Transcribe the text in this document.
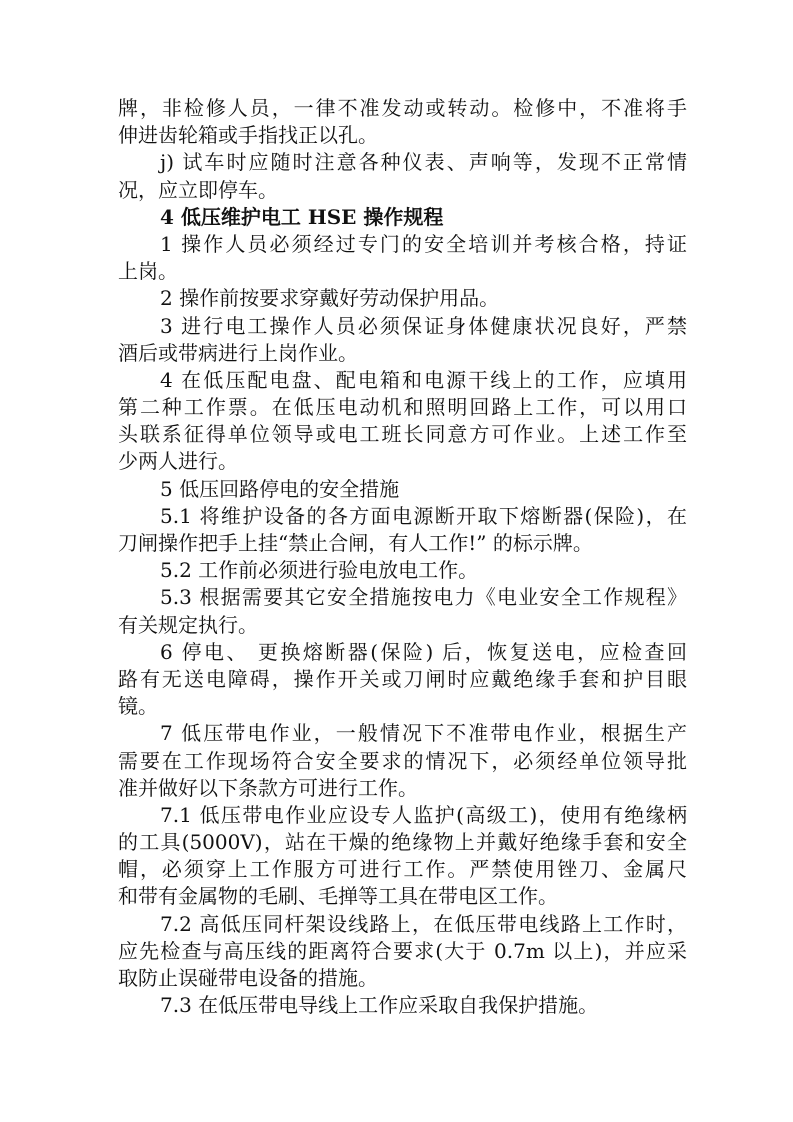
牌，非检修人员，一律不准发动或转动。检修中，不准将手
伸进齿轮箱或手指找正以孔。
j) 试车时应随时注意各种仪表、声响等，发现不正常情
况，应立即停车。
4 低压维护电工 HSE 操作规程
1 操作人员必须经过专门的安全培训并考核合格，持证
上岗。
2 操作前按要求穿戴好劳动保护用品。
3 进行电工操作人员必须保证身体健康状况良好，严禁
酒后或带病进行上岗作业。
4 在低压配电盘、配电箱和电源干线上的工作，应填用
第二种工作票。在低压电动机和照明回路上工作，可以用口
头联系征得单位领导或电工班长同意方可作业。上述工作至
少两人进行。
5 低压回路停电的安全措施
5.1 将维护设备的各方面电源断开取下熔断器(保险)，在
刀闸操作把手上挂“禁止合闸，有人工作!” 的标示牌。
5.2 工作前必须进行验电放电工作。
5.3 根据需要其它安全措施按电力《电业安全工作规程》
有关规定执行。
6 停电、 更换熔断器(保险) 后，恢复送电，应检查回
路有无送电障碍，操作开关或刀闸时应戴绝缘手套和护目眼
镜。
7 低压带电作业，一般情况下不准带电作业，根据生产
需要在工作现场符合安全要求的情况下，必须经单位领导批
准并做好以下条款方可进行工作。
7.1 低压带电作业应设专人监护(高级工)，使用有绝缘柄
的工具(5000V)，站在干燥的绝缘物上并戴好绝缘手套和安全
帽，必须穿上工作服方可进行工作。严禁使用锉刀、金属尺
和带有金属物的毛刷、毛掸等工具在带电区工作。
7.2 高低压同杆架设线路上，在低压带电线路上工作时，
应先检查与高压线的距离符合要求(大于 0.7m 以上)，并应采
取防止误碰带电设备的措施。
7.3 在低压带电导线上工作应采取自我保护措施。
